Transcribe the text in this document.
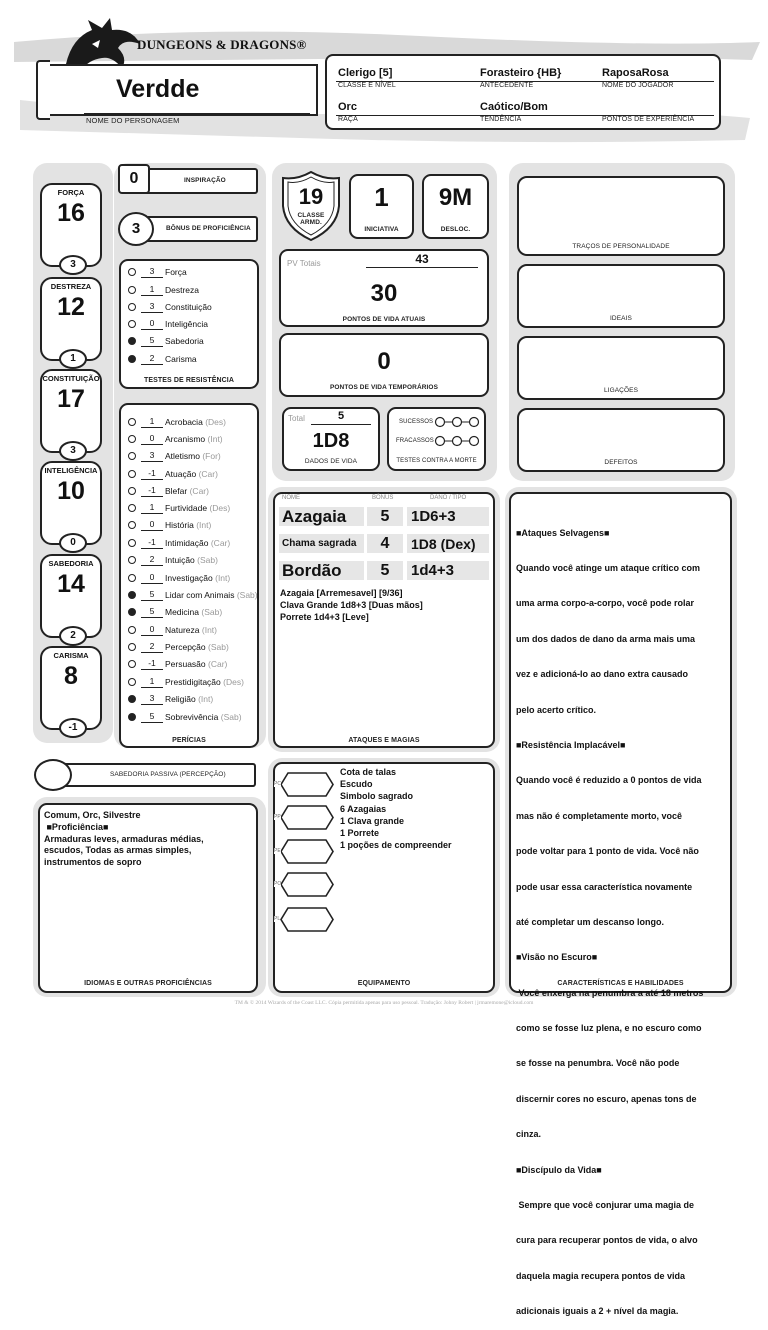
DUNGEONS & DRAGONS®
Verdde
NOME DO PERSONAGEM
Clerigo [5]	Forasteiro {HB}	RaposaRosa
CLASSE E NÍVEL	ANTECEDENTE	NOME DO JOGADOR
Orc	Caótico/Bom
RAÇA	TENDÊNCIA	PONTOS DE EXPERIÊNCIA
FORÇA
16
3
DESTREZA
12
1
CONSTITUIÇÃO
17
3
INTELIGÊNCIA
10
0
SABEDORIA
14
2
CARISMA
8
-1
0	INSPIRAÇÃO
3	BÔNUS DE PROFICIÊNCIA
3	Força
1	Destreza
3	Constituição
0	Inteligência
5	Sabedoria
2	Carisma
TESTES DE RESISTÊNCIA
1	Acrobacia (Des)
0	Arcanismo (Int)
3	Atletismo (For)
-1	Atuação (Car)
-1	Blefar (Car)
1	Furtividade (Des)
0	História (Int)
-1	Intimidação (Car)
2	Intuição (Sab)
0	Investigação (Int)
5	Lidar com Animais (Sab)
5	Medicina (Sab)
0	Natureza (Int)
2	Percepção (Sab)
-1	Persuasão (Car)
1	Prestidigitação (Des)
3	Religião (Int)
5	Sobrevivência (Sab)
PERÍCIAS
SABEDORIA PASSIVA (PERCEPÇÃO)
Comum, Orc, Silvestre
■Proficiência■
Armaduras leves, armaduras médias,
escudos, Todas as armas simples,
instrumentos de sopro
IDIOMAS E OUTRAS PROFICIÊNCIAS
19
CLASSE ARMD.
1
INICIATIVA
9M
DESLOC.
PV Totais	43
30
PONTOS DE VIDA ATUAIS
0
PONTOS DE VIDA TEMPORÁRIOS
Total	5
1D8
DADOS DE VIDA
SUCESSOS
FRACASSOS
TESTES CONTRA A MORTE
NOME	BÔNUS	DANO / TIPO
Azagaia	5	1D6+3
Chama sagrada	4	1D8 (Dex)
Bordão	5	1d4+3
Azagaia [Arremesavel] [9/36]
Clava Grande 1d8+3 [Duas mãos]
Porrete 1d4+3 [Leve]
ATAQUES E MAGIAS
PC
PP
PE
PO
PL
Cota de talas
Escudo
Simbolo sagrado
6 Azagaias
1 Clava grande
1 Porrete
1 poções de compreender
EQUIPAMENTO
TRAÇOS DE PERSONALIDADE
IDEAIS
LIGAÇÕES
DEFEITOS

■Ataques Selvagens■

Quando você atinge um ataque crítico com

uma arma corpo-a-corpo, você pode rolar

um dos dados de dano da arma mais uma

vez e adicioná-lo ao dano extra causado

pelo acerto crítico.

■Resistência Implacável■

Quando você é reduzido a 0 pontos de vida

mas não é completamente morto, você

pode voltar para 1 ponto de vida. Você não

pode usar essa característica novamente

até completar um descanso longo.

■Visão no Escuro■

Você enxerga na penumbra a até 18 metros

como se fosse luz plena, e no escuro como

se fosse na penumbra. Você não pode

discernir cores no escuro, apenas tons de

cinza.

■Discípulo da Vida■

Sempre que você conjurar uma magia de

cura para recuperar pontos de vida, o alvo

daquela magia recupera pontos de vida

adicionais iguais a 2 + nível da magia.

CARACTERÍSTICAS E HABILIDADES
TM & © 2014 Wizards of the Coast LLC. Cópia permitida apenas para uso pessoal. Tradução: Johny Robert | jrmaremone@icloud.com
